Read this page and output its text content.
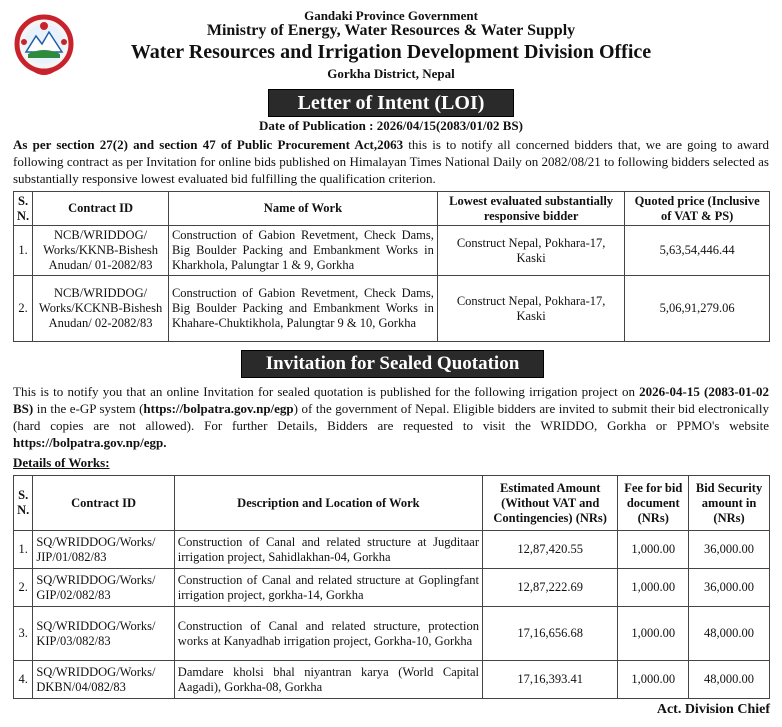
Gandaki Province Government
Ministry of Energy, Water Resources & Water Supply
Water Resources and Irrigation Development Division Office
Gorkha District, Nepal
Letter of Intent (LOI)
Date of Publication : 2026/04/15(2083/01/02 BS)
As per section 27(2) and section 47 of Public Procurement Act,2063 this is to notify all concerned bidders that, we are going to award following contract as per Invitation for online bids published on Himalayan Times National Daily on 2082/08/21 to following bidders selected as substantially responsive lowest evaluated bid fulfilling the qualification criterion.
S. N.	Contract ID	Name of Work	Lowest evaluated substantially responsive bidder	Quoted price (Inclusive of VAT & PS)
1.	NCB/WRIDDOG/ Works/KKNB-Bishesh Anudan/ 01-2082/83	Construction of Gabion Revetment, Check Dams, Big Boulder Packing and Embankment Works in Kharkhola, Palungtar 1 & 9, Gorkha	Construct Nepal, Pokhara-17, Kaski	5,63,54,446.44
2.	NCB/WRIDDOG/ Works/KCKNB-Bishesh Anudan/ 02-2082/83	Construction of Gabion Revetment, Check Dams, Big Boulder Packing and Embankment Works in Khahare-Chuktikhola, Palungtar 9 & 10, Gorkha	Construct Nepal, Pokhara-17, Kaski	5,06,91,279.06
Invitation for Sealed Quotation
This is to notify you that an online Invitation for sealed quotation is published for the following irrigation project on 2026-04-15 (2083-01-02 BS) in the e-GP system (https://bolpatra.gov.np/egp) of the government of Nepal. Eligible bidders are invited to submit their bid electronically (hard copies are not allowed). For further Details, Bidders are requested to visit the WRIDDO, Gorkha or PPMO's website https://bolpatra.gov.np/egp.
Details of Works:
S. N.	Contract ID	Description and Location of Work	Estimated Amount (Without VAT and Contingencies) (NRs)	Fee for bid document (NRs)	Bid Security amount in (NRs)
1.	SQ/WRIDDOG/Works/ JIP/01/082/83	Construction of Canal and related structure at Jugditaar irrigation project, Sahidlakhan-04, Gorkha	12,87,420.55	1,000.00	36,000.00
2.	SQ/WRIDDOG/Works/ GIP/02/082/83	Construction of Canal and related structure at Goplingfant irrigation project, gorkha-14, Gorkha	12,87,222.69	1,000.00	36,000.00
3.	SQ/WRIDDOG/Works/ KIP/03/082/83	Construction of Canal and related structure, protection works at Kanyadhab irrigation project, Gorkha-10, Gorkha	17,16,656.68	1,000.00	48,000.00
4.	SQ/WRIDDOG/Works/ DKBN/04/082/83	Damdare kholsi bhal niyantran karya (World Capital Aagadi), Gorkha-08, Gorkha	17,16,393.41	1,000.00	48,000.00
Act. Division Chief
